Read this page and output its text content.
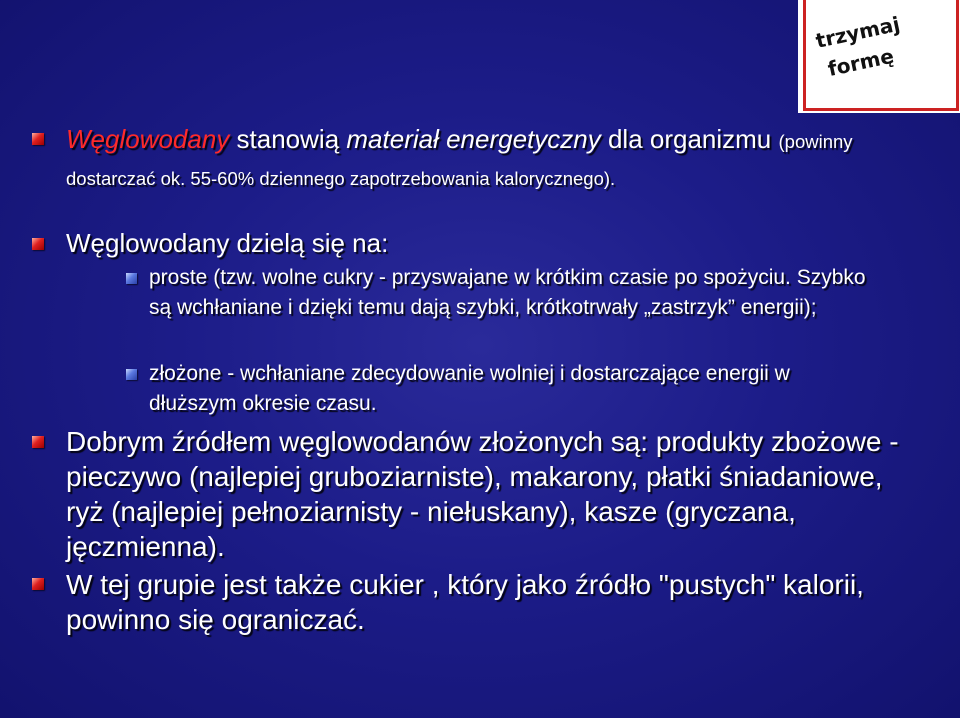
trzymaj
formę
Węglowodany stanowią materiał energetyczny dla organizmu (powinny dostarczać ok. 55-60% dziennego zapotrzebowania kalorycznego).
Węglowodany dzielą się na:
proste (tzw. wolne cukry - przyswajane w krótkim czasie po spożyciu. Szybko są wchłaniane i dzięki temu dają szybki, krótkotrwały „zastrzyk” energii);
złożone - wchłaniane zdecydowanie wolniej i dostarczające energii w dłuższym okresie czasu.
Dobrym źródłem węglowodanów złożonych są: produkty zbożowe - pieczywo (najlepiej gruboziarniste), makarony, płatki śniadaniowe, ryż (najlepiej pełnoziarnisty - niełuskany), kasze (gryczana, jęczmienna).
W tej grupie jest także cukier , który jako źródło "pustych" kalorii, powinno się ograniczać.
